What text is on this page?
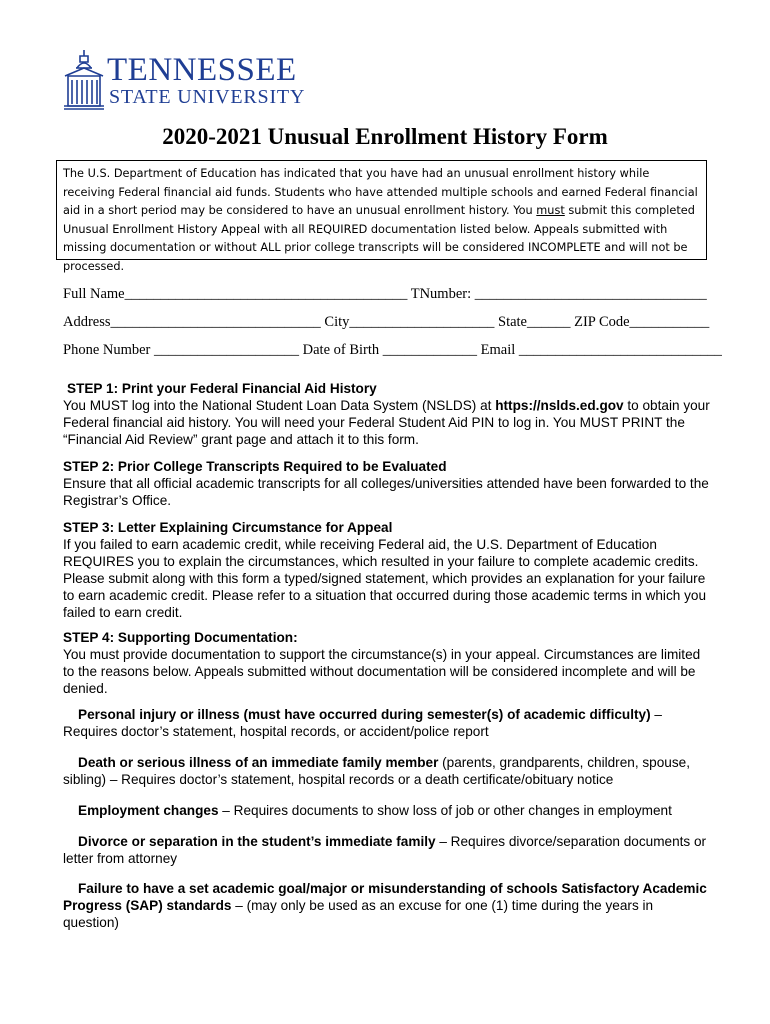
TENNESSEE
STATE UNIVERSITY
2020-2021 Unusual Enrollment History Form
The U.S. Department of Education has indicated that you have had an unusual enrollment history while receiving Federal financial aid funds. Students who have attended multiple schools and earned Federal financial aid in a short period may be considered to have an unusual enrollment history. You must submit this completed Unusual Enrollment History Appeal with all REQUIRED documentation listed below. Appeals submitted with missing documentation or without ALL prior college transcripts will be considered INCOMPLETE and will not be processed.
Full Name_______________________________________ TNumber: ________________________________
Address_____________________________ City____________________ State______ ZIP Code___________
Phone Number ____________________ Date of Birth _____________ Email ____________________________
STEP 1: Print your Federal Financial Aid History
You MUST log into the National Student Loan Data System (NSLDS) at https://nslds.ed.gov to obtain your Federal financial aid history. You will need your Federal Student Aid PIN to log in. You MUST PRINT the “Financial Aid Review” grant page and attach it to this form.
STEP 2: Prior College Transcripts Required to be Evaluated
Ensure that all official academic transcripts for all colleges/universities attended have been forwarded to the Registrar’s Office.
STEP 3: Letter Explaining Circumstance for Appeal
If you failed to earn academic credit, while receiving Federal aid, the U.S. Department of Education REQUIRES you to explain the circumstances, which resulted in your failure to complete academic credits. Please submit along with this form a typed/signed statement, which provides an explanation for your failure to earn academic credit. Please refer to a situation that occurred during those academic terms in which you failed to earn credit.
STEP 4: Supporting Documentation:
You must provide documentation to support the circumstance(s) in your appeal. Circumstances are limited to the reasons below. Appeals submitted without documentation will be considered incomplete and will be denied.
Personal injury or illness (must have occurred during semester(s) of academic difficulty) – Requires doctor’s statement, hospital records, or accident/police report
Death or serious illness of an immediate family member (parents, grandparents, children, spouse, sibling) – Requires doctor’s statement, hospital records or a death certificate/obituary notice
Employment changes – Requires documents to show loss of job or other changes in employment
Divorce or separation in the student’s immediate family – Requires divorce/separation documents or letter from attorney
Failure to have a set academic goal/major or misunderstanding of schools Satisfactory Academic Progress (SAP) standards – (may only be used as an excuse for one (1) time during the years in question)
